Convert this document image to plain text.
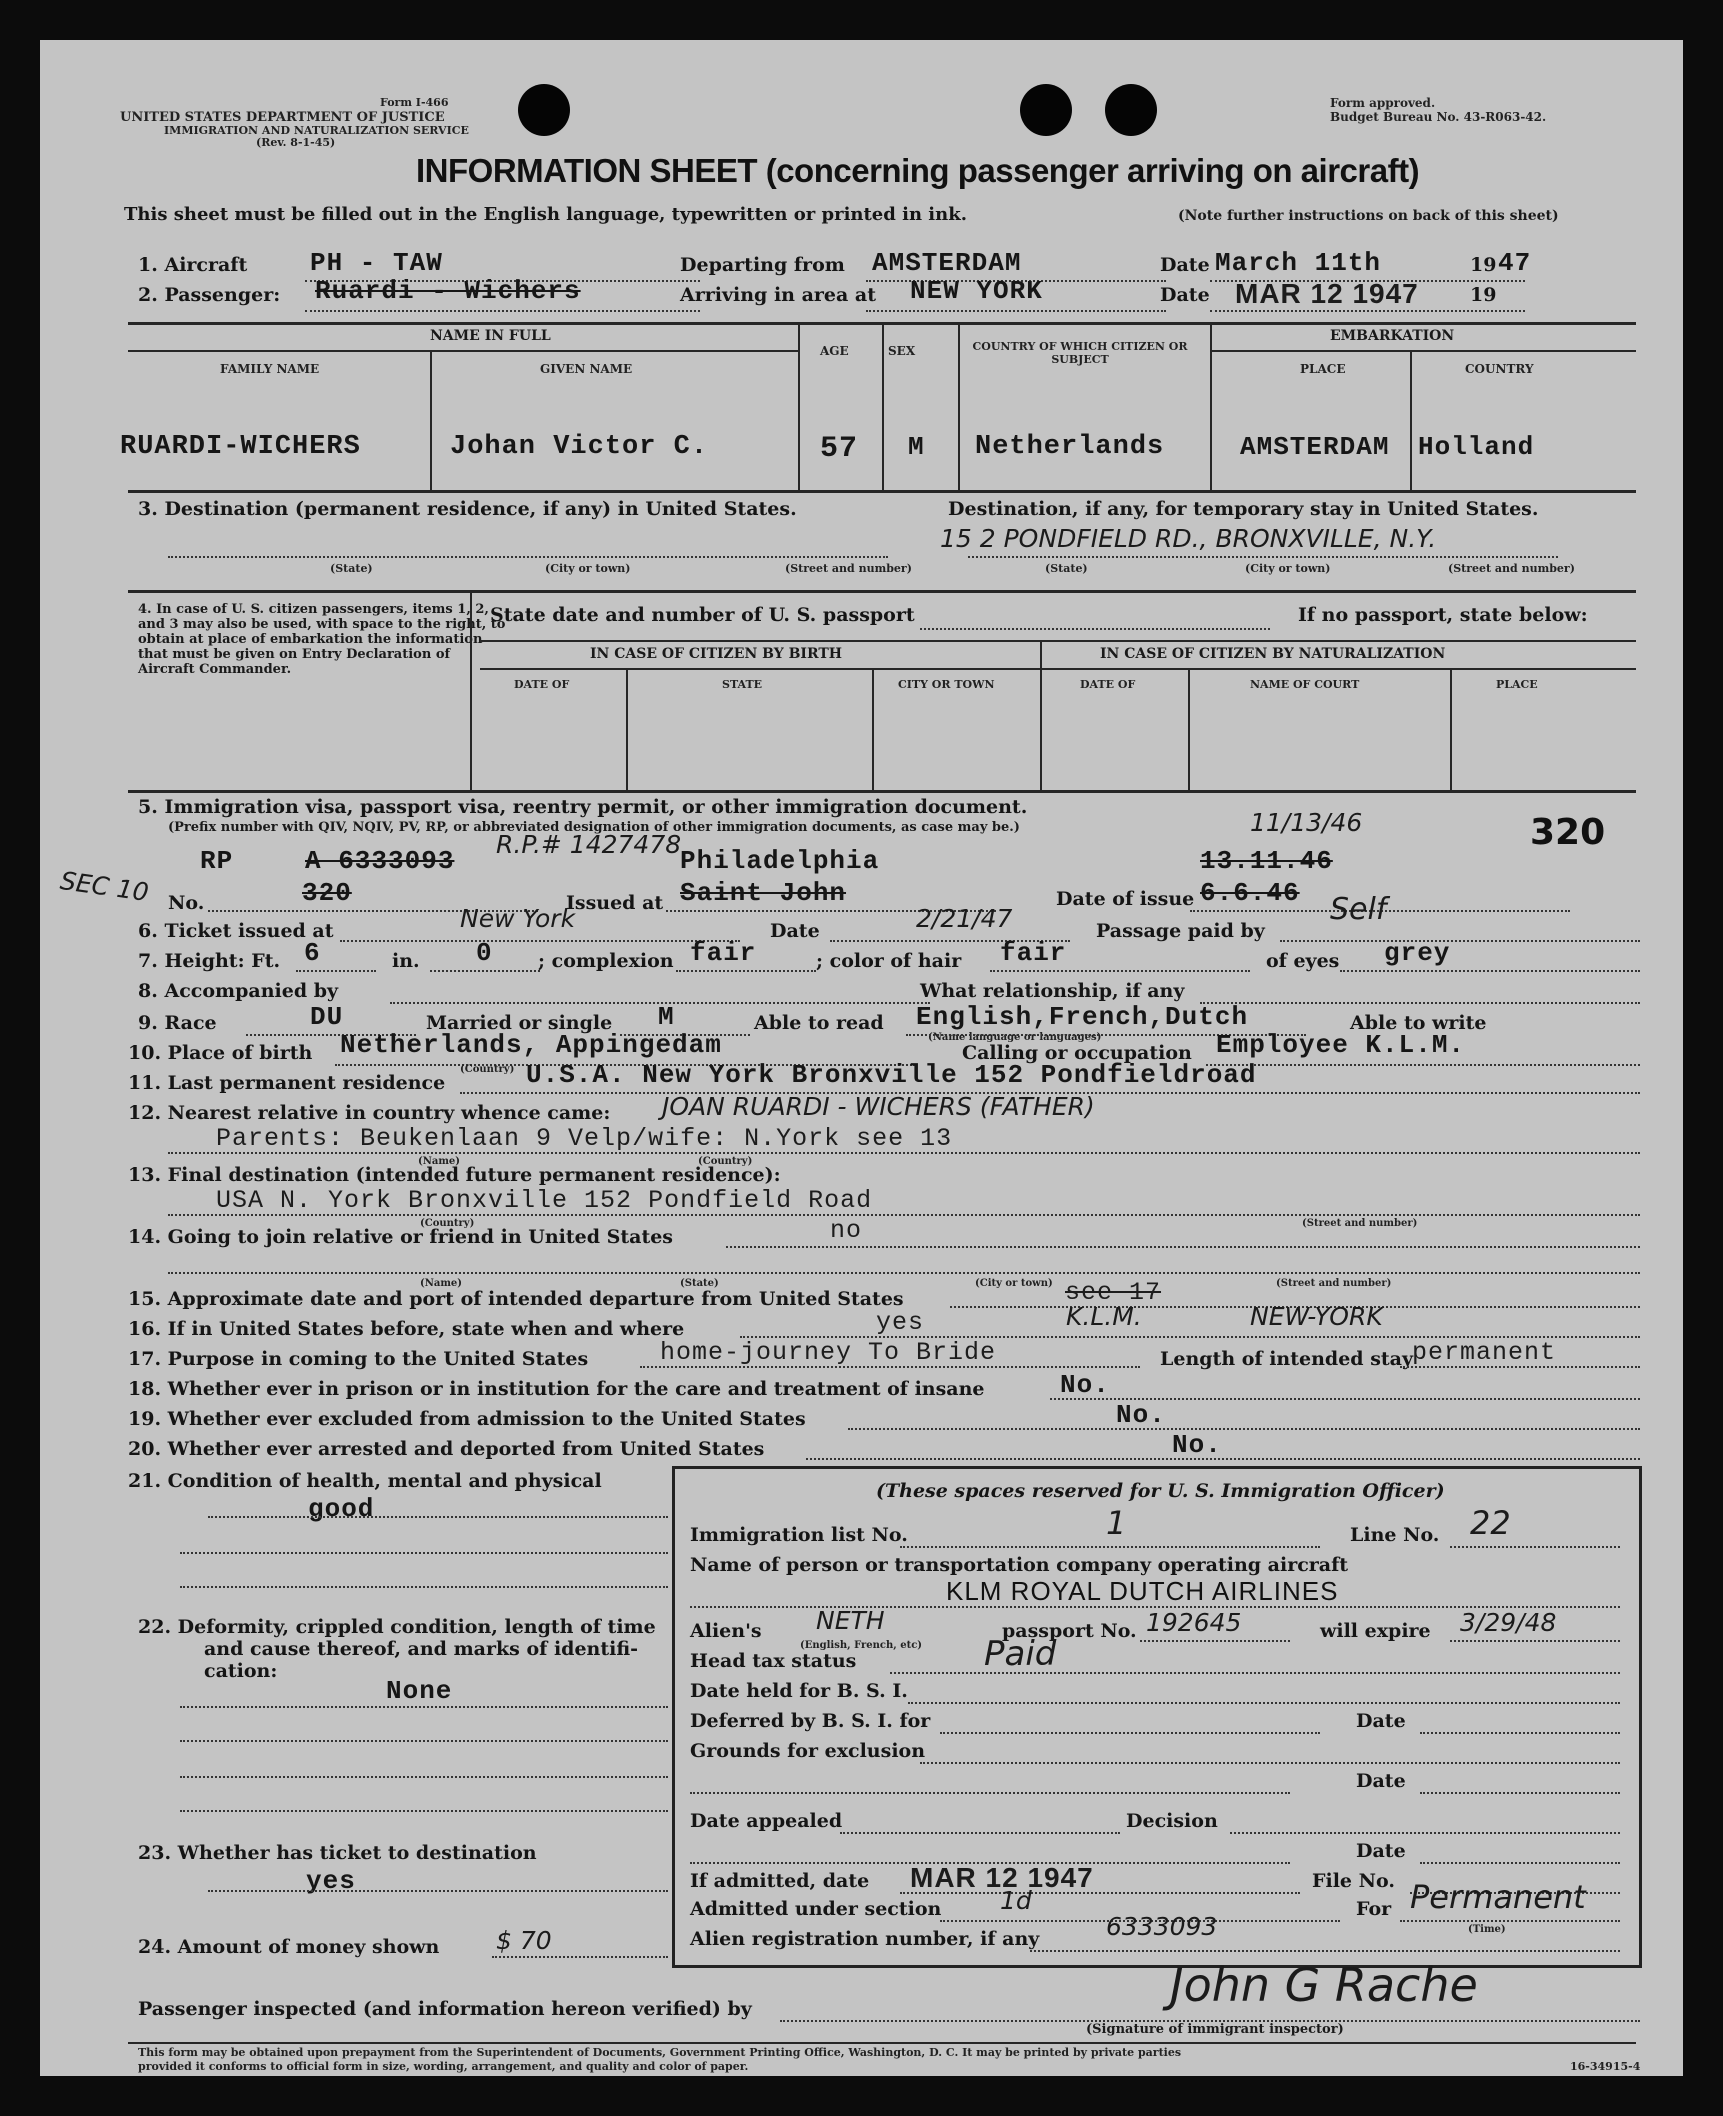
Form I-466
UNITED STATES DEPARTMENT OF JUSTICE
IMMIGRATION AND NATURALIZATION SERVICE
(Rev. 8-1-45)
Form approved.
Budget Bureau No. 43-R063-42.
INFORMATION SHEET (concerning passenger arriving on aircraft)
This sheet must be filled out in the English language, typewritten or printed in ink.	(Note further instructions on back of this sheet)
1. Aircraft PH - TAW	Departing from AMSTERDAM	Date March 11th	19 47
2. Passenger: Ruardi - Wichers	Arriving in area at NEW YORK	Date MAR 12 1947	19
NAME IN FULL	EMBARKATION
FAMILY NAME	GIVEN NAME
AGE	SEX	COUNTRY OF WHICH CITIZEN OR SUBJECT
PLACE	COUNTRY
RUARDI-WICHERS	Johan Victor C.	57 M Netherlands	AMSTERDAM Holland
3. Destination (permanent residence, if any) in United States.	Destination, if any, for temporary stay in United States.
15 2 PONDFIELD RD., BRONXVILLE, N.Y.
(State)	(City or town)	(Street and number)	(State)	(City or town)	(Street and number)
4. In case of U. S. citizen passengers, items 1, 2, and 3 may also be used, with space to the right, to obtain at place of embarkation the information that must be given on Entry Declaration of Aircraft Commander.
State date and number of U. S. passport	If no passport, state below:
IN CASE OF CITIZEN BY BIRTH	IN CASE OF CITIZEN BY NATURALIZATION
DATE OF	STATE	CITY OR TOWN	DATE OF	NAME OF COURT	PLACE
5. Immigration visa, passport visa, reentry permit, or other immigration document.
(Prefix number with QIV, NQIV, PV, RP, or abbreviated designation of other immigration documents, as case may be.)	11/13/46	320
SEC 10
RP	A 6333093
R.P.# 1427478
No.	320
Philadelphia
Issued at Saint John
13.11.46
Date of issue 6.6.46
6. Ticket issued at	New York	Date	2/21/47	Passage paid by
Self
7. Height: Ft. 6	in. 0 ; complexion fair	; color of hair fair	of eyes grey
8. Accompanied by	What relationship, if any
9. Race	DU	Married or single M	Able to read English,French,Dutch
(Name language or languages)
Able to write
10. Place of birth Netherlands, Appingedam	Calling or occupation Employee K.L.M.
11. Last permanent residence
(Country) U.S.A. New York Bronxville 152 Pondfieldroad
12. Nearest relative in country whence came: JOAN RUARDI - WICHERS (FATHER)
Parents: Beukenlaan 9 Velp/wife: N.York see 13
(Name)	(Country)
13. Final destination (intended future permanent residence):
USA N. York Bronxville 152 Pondfield Road
(Country)	(Street and number)
14. Going to join relative or friend in United States	no
(Name)	(State)	(City or town)	(Street and number)
15. Approximate date and port of intended departure from United States	see 17
16. If in United States before, state when and where	yes	K.L.M.	NEW-YORK
17. Purpose in coming to the United States	home-journey To Bride	Length of intended stay
permanent
18. Whether ever in prison or in institution for the care and treatment of insane	No.
19. Whether ever excluded from admission to the United States	No.
20. Whether ever arrested and deported from United States	No.
21. Condition of health, mental and physical
good
22. Deformity, crippled condition, length of time
and cause thereof, and marks of identifi-
cation:
None
23. Whether has ticket to destination
yes
24. Amount of money shown $ 70
(These spaces reserved for U. S. Immigration Officer)
Immigration list No.	1	Line No. 22
Name of person or transportation company operating aircraft
KLM ROYAL DUTCH AIRLINES
Alien's NETH
(English, French, etc)
passport No. 192645	will expire 3/29/48
Head tax status	Paid
Date held for B. S. I.
Deferred by B. S. I. for	Date
Grounds for exclusion
Date
Date appealed	Decision
Date
If admitted, date MAR 12 1947	File No.
Admitted under section 1d	For Permanent
(Time)
Alien registration number, if any	6333093
Passenger inspected (and information hereon verified) by	John G Rache
(Signature of immigrant inspector)
This form may be obtained upon prepayment from the Superintendent of Documents, Government Printing Office, Washington, D. C. It may be printed by private parties
provided it conforms to official form in size, wording, arrangement, and quality and color of paper.	16-34915-4
